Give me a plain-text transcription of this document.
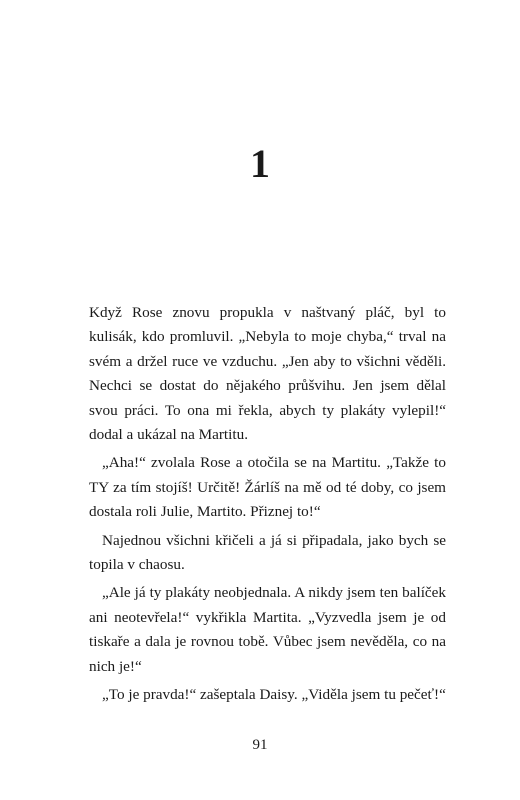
1

Když Rose znovu propukla v naštvaný pláč, byl to kulisák, kdo promluvil. „Nebyla to moje chyba,“ trval na svém a držel ruce ve vzduchu. „Jen aby to všichni věděli. Nechci se dostat do nějakého průšvihu. Jen jsem dělal svou práci. To ona mi řekla, abych ty plakáty vylepil!“ dodal a ukázal na Martitu.

„Aha!“ zvolala Rose a otočila se na Martitu. „Takže to TY za tím stojíš! Určitě! Žárlíš na mě od té doby, co jsem dostala roli Julie, Martito. Přiznej to!“

Najednou všichni křičeli a já si připadala, jako bych se topila v chaosu.

„Ale já ty plakáty neobjednala. A nikdy jsem ten balíček ani neotevřela!“ vykřikla Martita. „Vyzvedla jsem je od tiskaře a dala je rovnou tobě. Vůbec jsem nevěděla, co na nich je!“

„To je pravda!“ zašeptala Daisy. „Viděla jsem tu pečeť!“

91
